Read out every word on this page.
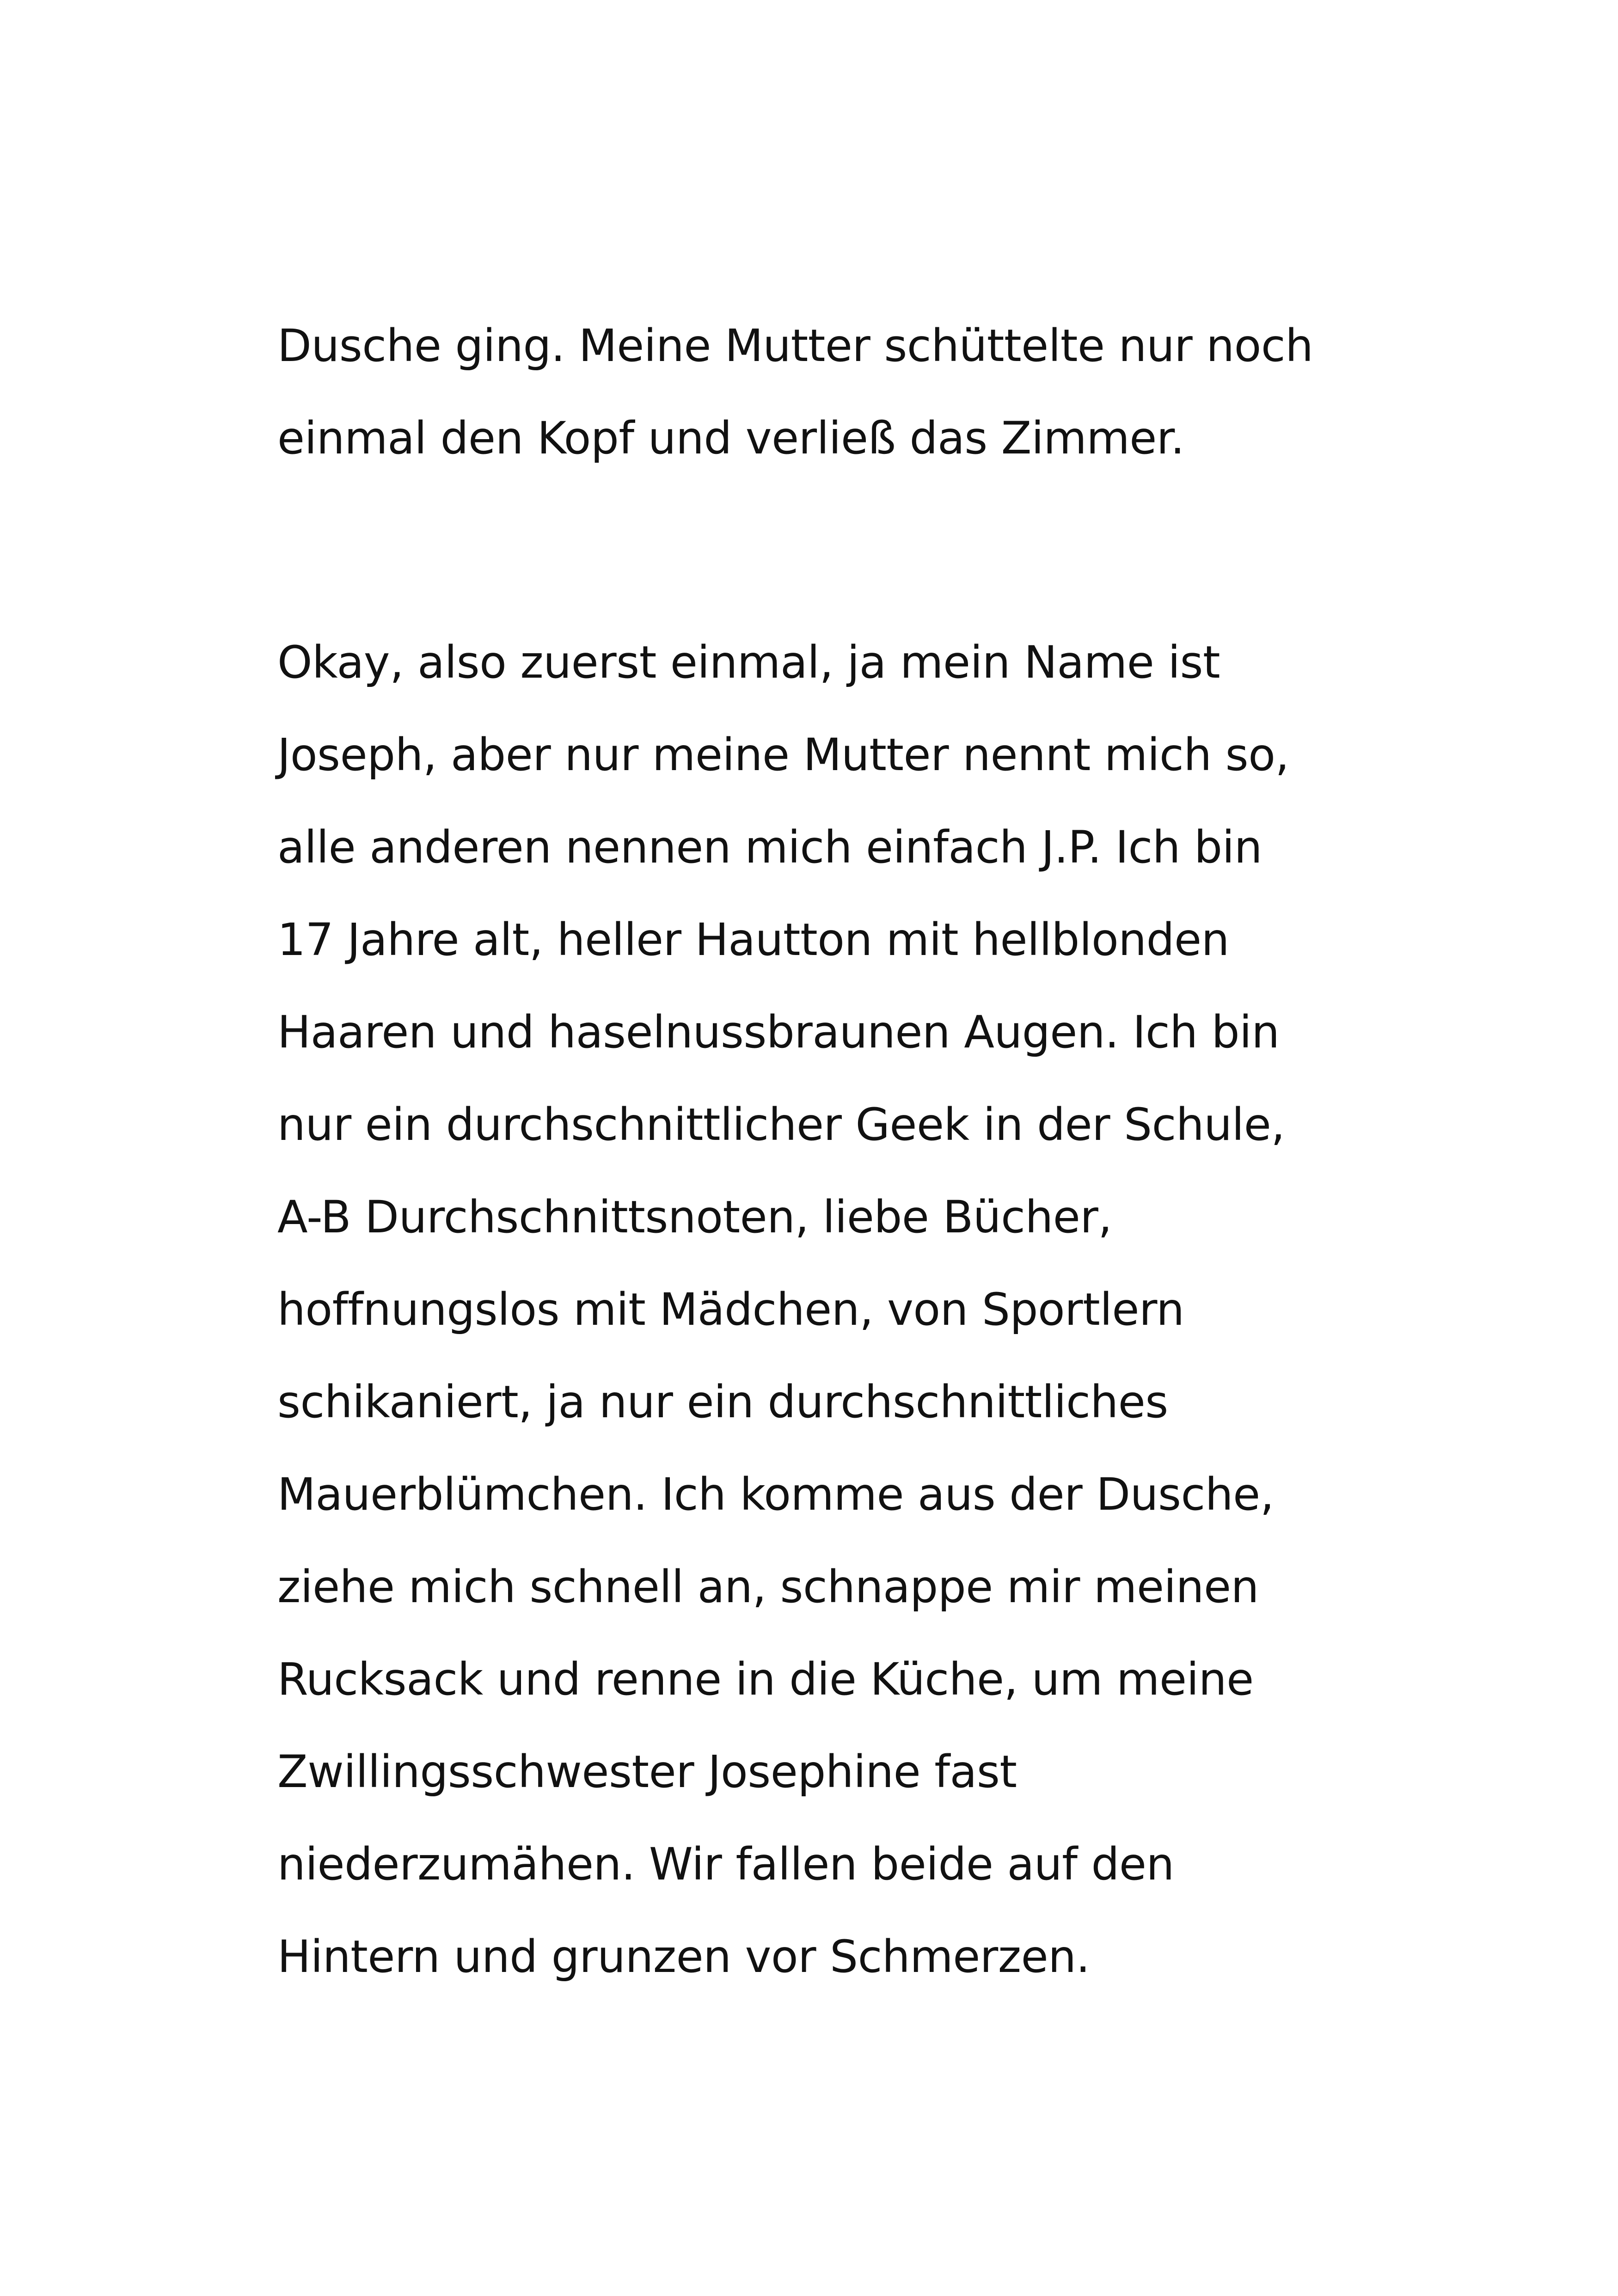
Dusche ging. Meine Mutter schüttelte nur noch

einmal den Kopf und verließ das Zimmer.

Okay, also zuerst einmal, ja mein Name ist

Joseph, aber nur meine Mutter nennt mich so,

alle anderen nennen mich einfach J.P. Ich bin

17 Jahre alt, heller Hautton mit hellblonden

Haaren und haselnussbraunen Augen. Ich bin

nur ein durchschnittlicher Geek in der Schule,

A-B Durchschnittsnoten, liebe Bücher,

hoffnungslos mit Mädchen, von Sportlern

schikaniert, ja nur ein durchschnittliches

Mauerblümchen. Ich komme aus der Dusche,

ziehe mich schnell an, schnappe mir meinen

Rucksack und renne in die Küche, um meine

Zwillingsschwester Josephine fast

niederzumähen. Wir fallen beide auf den

Hintern und grunzen vor Schmerzen.
